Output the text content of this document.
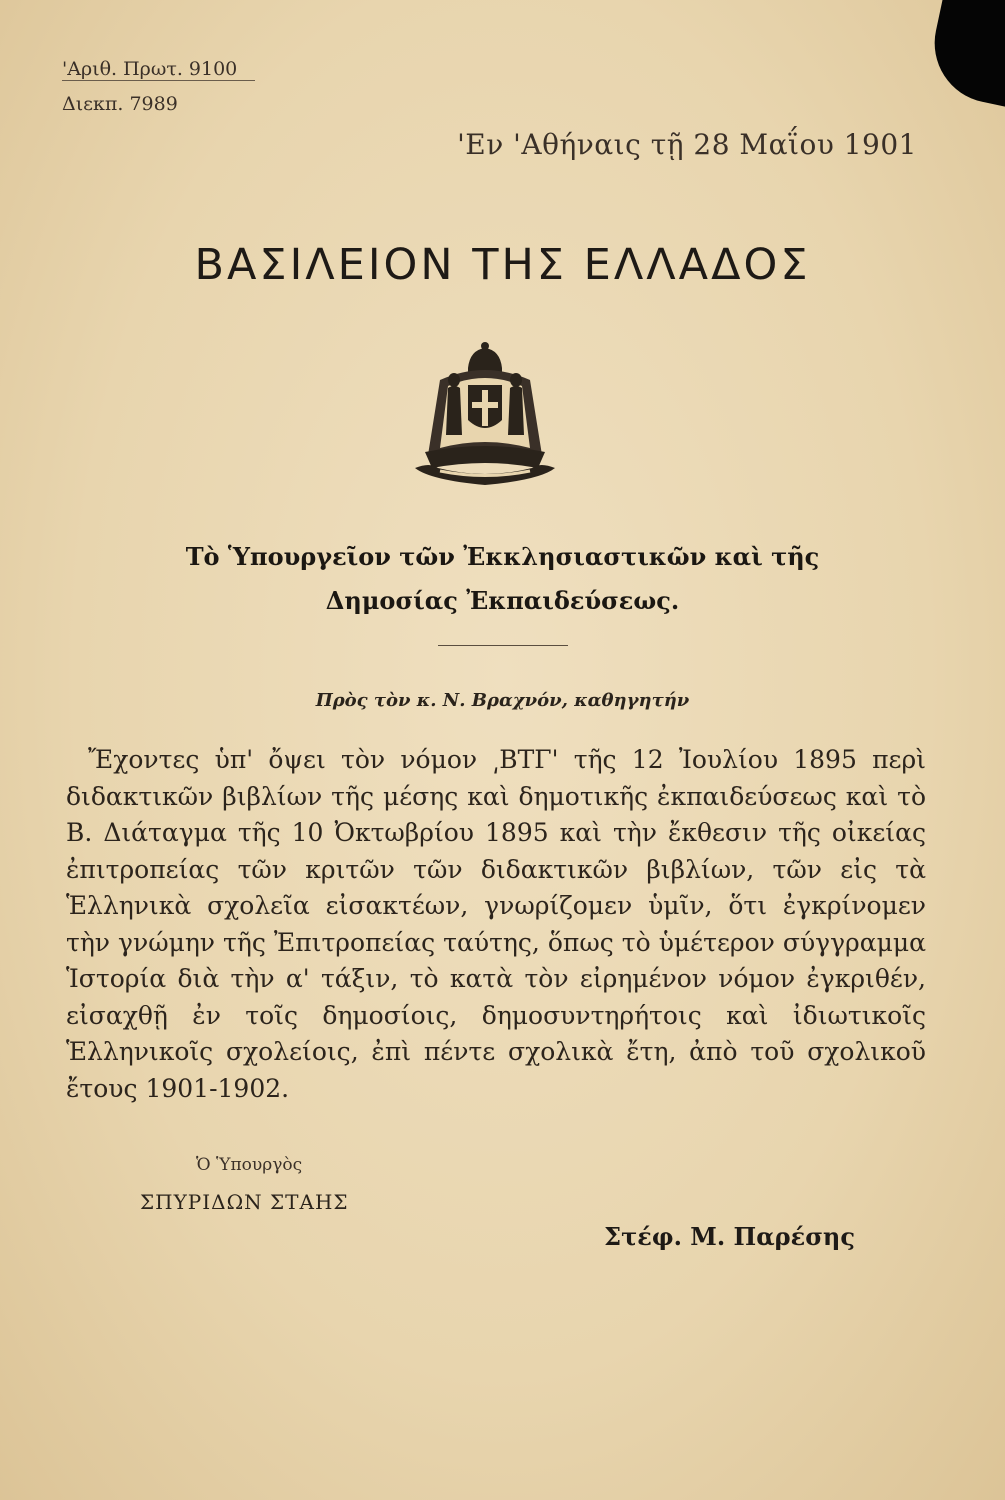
'Αριθ. Πρωτ. 9100
Διεκπ. 7989
'Εν 'Αθήναις τῇ 28 Μαΐου 1901
ΒΑΣΙΛΕΙΟΝ ΤΗΣ ΕΛΛΑΔΟΣ
Τὸ Ὑπουργεῖον τῶν Ἐκκλησιαστικῶν καὶ τῆς
Δημοσίας Ἐκπαιδεύσεως.
Πρὸς τὸν κ. Ν. Βραχνόν, καθηγητήν

Ἔχοντες ὑπ' ὄψει τὸν νόμον ͵ΒΤΓ' τῆς 12 Ἰουλίου 1895 περὶ διδακτικῶν βιβλίων τῆς μέσης καὶ δημοτικῆς ἐκπαιδεύσεως καὶ τὸ Β. Διάταγμα τῆς 10 Ὀκτωβρίου 1895 καὶ τὴν ἔκθεσιν τῆς οἰκείας ἐπιτροπείας τῶν κριτῶν τῶν διδακτικῶν βιβλίων, τῶν εἰς τὰ Ἑλληνικὰ σχολεῖα εἰσακτέων, γνωρίζομεν ὑμῖν, ὅτι ἐγκρίνομεν τὴν γνώμην τῆς Ἐπιτροπείας ταύτης, ὅπως τὸ ὑμέτερον σύγγραμμα Ἱστορία διὰ τὴν α' τάξιν, τὸ κατὰ τὸν εἰρημένον νόμον ἐγκριθέν, εἰσαχθῇ ἐν τοῖς δημοσίοις, δημοσυντηρήτοις καὶ ἰδιωτικοῖς Ἑλληνικοῖς σχολείοις, ἐπὶ πέντε σχολικὰ ἔτη, ἀπὸ τοῦ σχολικοῦ ἔτους 1901-1902.

Ὁ Ὑπουργὸς
ΣΠΥΡΙΔΩΝ ΣΤΑΗΣ
Στέφ. Μ. Παρέσης
